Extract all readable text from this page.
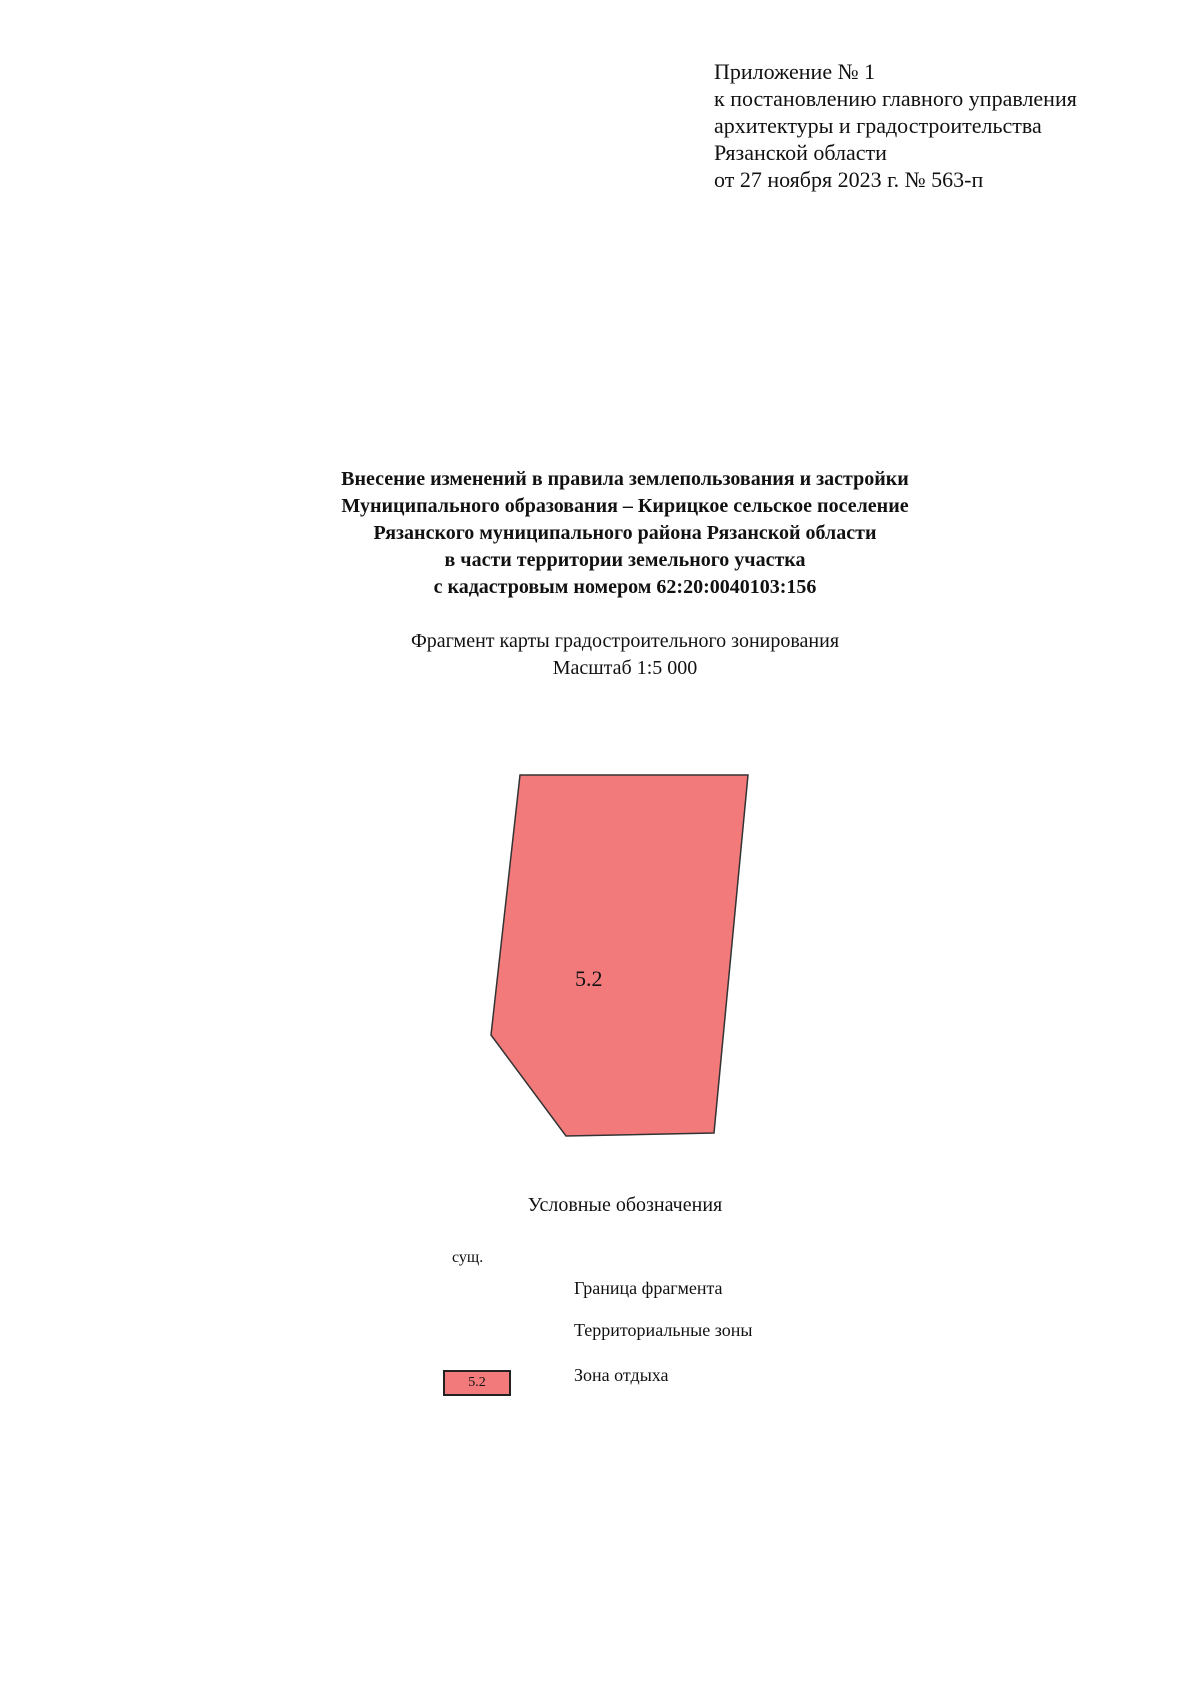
Приложение № 1
к постановлению главного управления
архитектуры и градостроительства
Рязанской области
от 27 ноября 2023 г. № 563-п
Внесение изменений в правила землепользования и застройки
Муниципального образования – Кирицкое сельское поселение
Рязанского муниципального района Рязанской области
в части территории земельного участка
с кадастровым номером 62:20:0040103:156
Фрагмент карты градостроительного зонирования
Масштаб 1:5 000
5.2
Условные обозначения
сущ.
Граница фрагмента
Территориальные зоны
Зона отдыха
5.2
